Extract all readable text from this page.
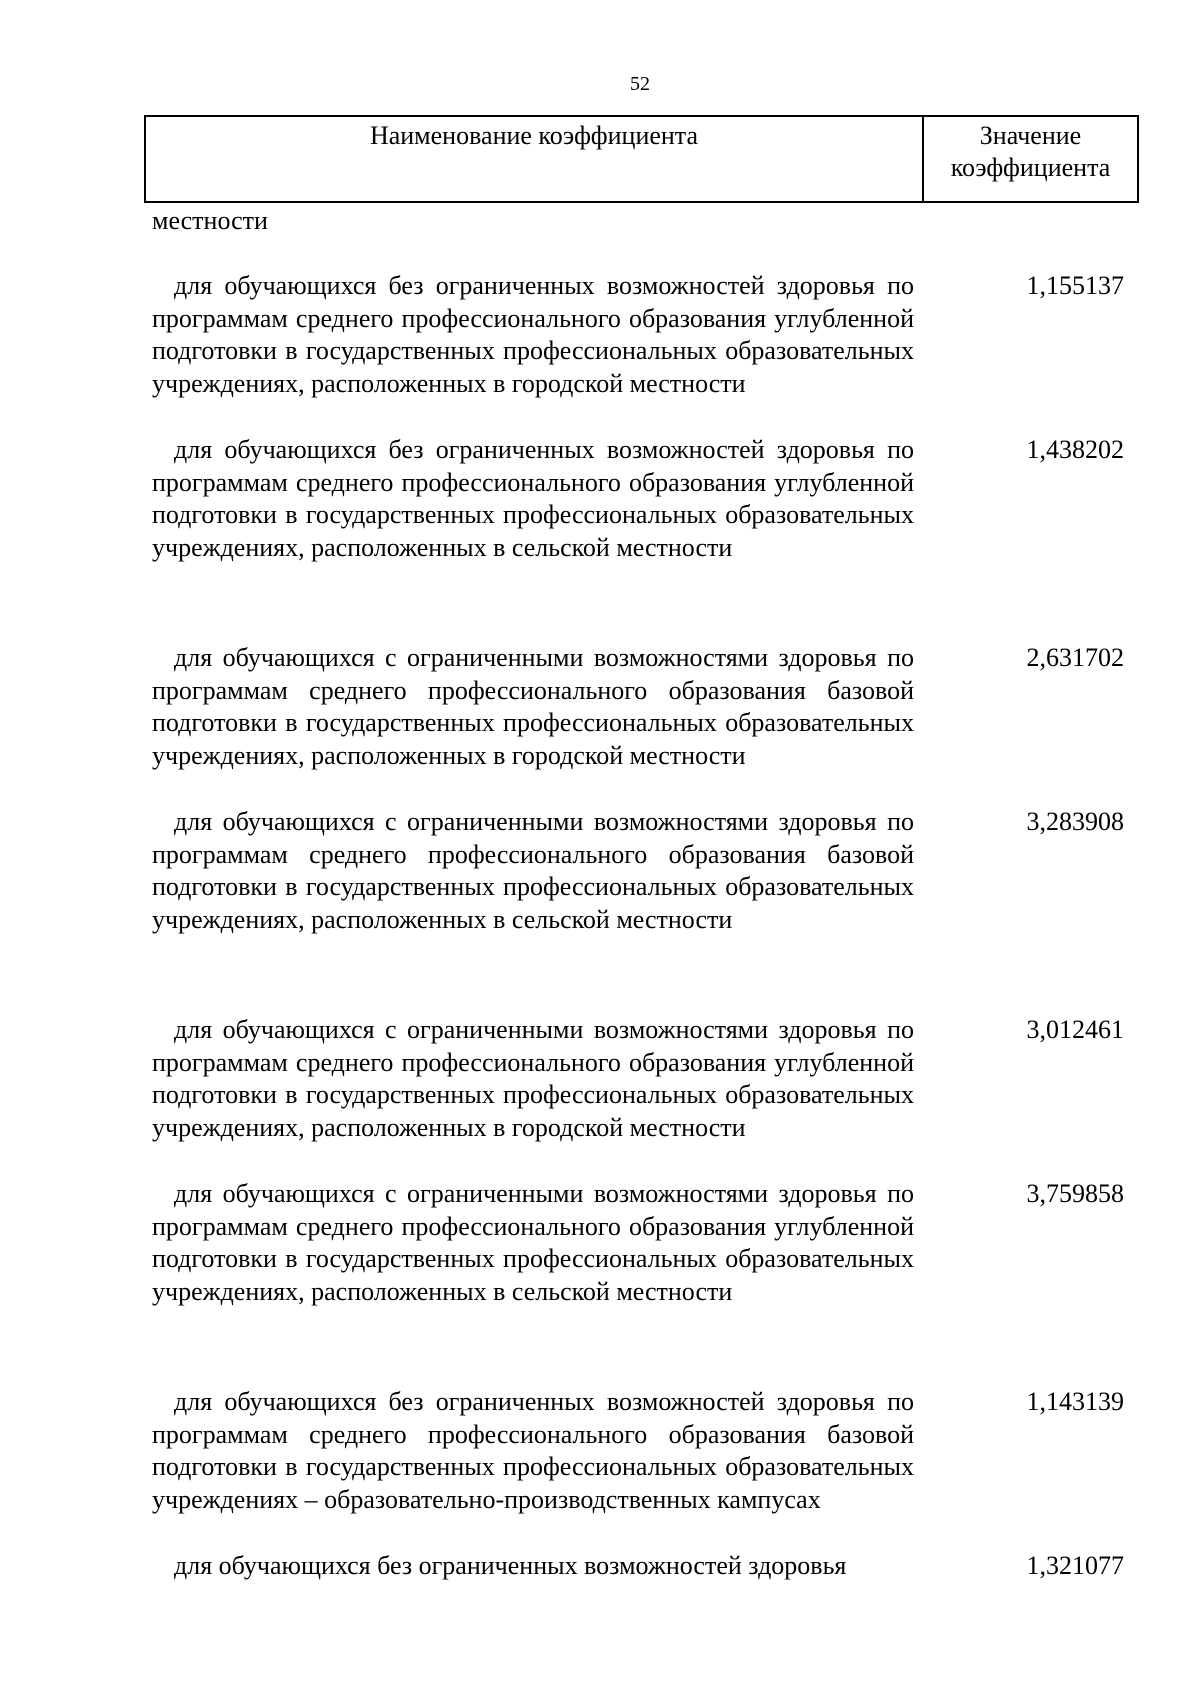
52
Наименование коэффициента	Значение коэффициента
местности
для обучающихся без ограниченных возможностей здоровья по программам среднего профессионального образования углубленной подготовки в государственных профессиональных образовательных учреждениях, расположенных в городской местности
1,155137
для обучающихся без ограниченных возможностей здоровья по программам среднего профессионального образования углубленной подготовки в государственных профессиональных образовательных учреждениях, расположенных в сельской местности
1,438202
для обучающихся с ограниченными возможностями здоровья по программам среднего профессионального образования базовой подготовки в государственных профессиональных образовательных учреждениях, расположенных в городской местности
2,631702
для обучающихся с ограниченными возможностями здоровья по программам среднего профессионального образования базовой подготовки в государственных профессиональных образовательных учреждениях, расположенных в сельской местности
3,283908
для обучающихся с ограниченными возможностями здоровья по программам среднего профессионального образования углубленной подготовки в государственных профессиональных образовательных учреждениях, расположенных в городской местности
3,012461
для обучающихся с ограниченными возможностями здоровья по программам среднего профессионального образования углубленной подготовки в государственных профессиональных образовательных учреждениях, расположенных в сельской местности
3,759858
для обучающихся без ограниченных возможностей здоровья по программам среднего профессионального образования базовой подготовки в государственных профессиональных образовательных учреждениях – образовательно-производственных кампусах
1,143139
для обучающихся без ограниченных возможностей здоровья	1,321077
